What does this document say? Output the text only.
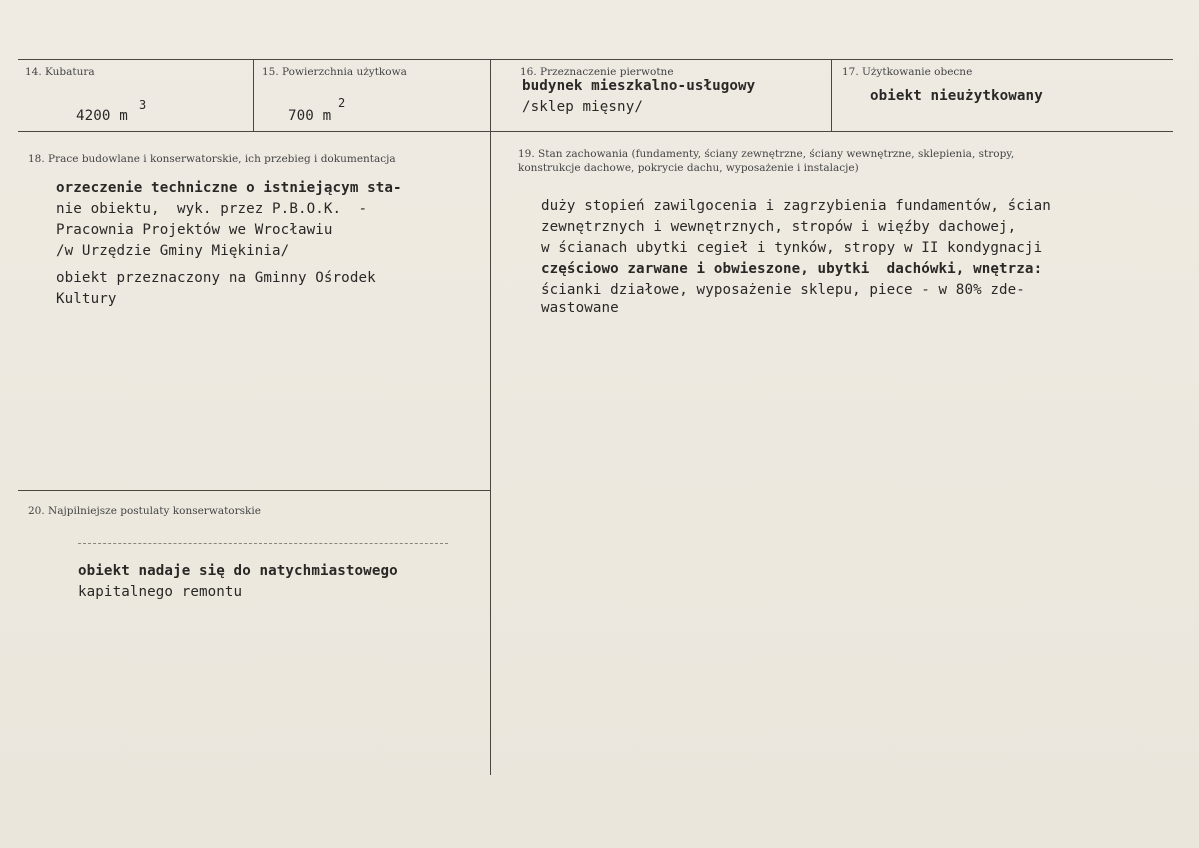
14. Kubatura
4200 m
3
15. Powierzchnia użytkowa
700 m
2
16. Przeznaczenie pierwotne
budynek mieszkalno-usługowy
/sklep mięsny/
17. Użytkowanie obecne
obiekt nieużytkowany
18. Prace budowlane i konserwatorskie, ich przebieg i dokumentacja
orzeczenie techniczne o istniejącym sta-
nie obiektu,  wyk. przez P.B.O.K.  -
Pracownia Projektów we Wrocławiu
/w Urzędzie Gminy Miękinia/
obiekt przeznaczony na Gminny Ośrodek
Kultury
19. Stan zachowania (fundamenty, ściany zewnętrzne, ściany wewnętrzne, sklepienia, stropy,
konstrukcje dachowe, pokrycie dachu, wyposażenie i instalacje)
duży stopień zawilgocenia i zagrzybienia fundamentów, ścian
zewnętrznych i wewnętrznych, stropów i więźby dachowej,
w ścianach ubytki cegieł i tynków, stropy w II kondygnacji
częściowo zarwane i obwieszone, ubytki  dachówki, wnętrza:
ścianki działowe, wyposażenie sklepu, piece - w 80% zde-
wastowane
20. Najpilniejsze postulaty konserwatorskie
obiekt nadaje się do natychmiastowego
kapitalnego remontu
